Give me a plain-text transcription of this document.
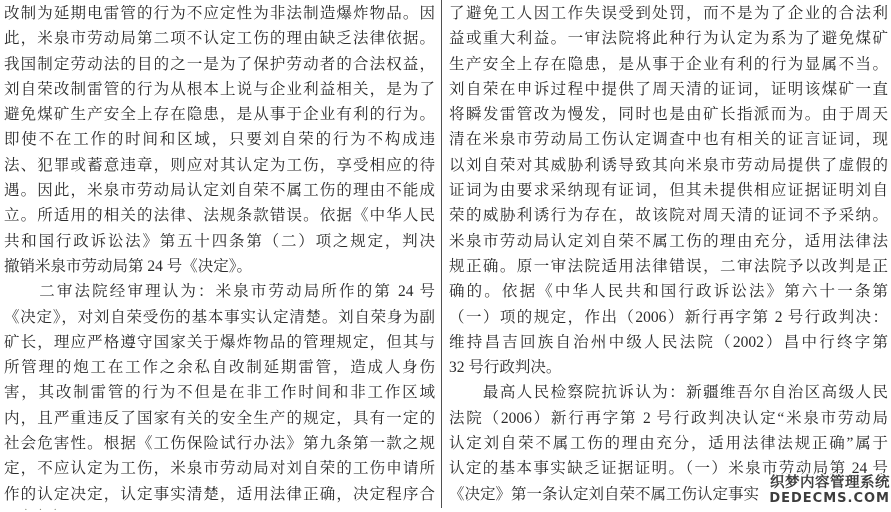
改制为延期电雷管的行为不应定性为非法制造爆炸物品。因
此，米泉市劳动局第二项不认定工伤的理由缺乏法律依据。
我国制定劳动法的目的之一是为了保护劳动者的合法权益，
刘自荣改制雷管的行为从根本上说与企业利益相关，是为了
避免煤矿生产安全上存在隐患，是从事于企业有利的行为。
即使不在工作的时间和区域，只要刘自荣的行为不构成违
法、犯罪或蓄意违章，则应对其认定为工伤，享受相应的待
遇。因此，米泉市劳动局认定刘自荣不属工伤的理由不能成
立。所适用的相关的法律、法规条款错误。依据《中华人民
共和国行政诉讼法》第五十四条第（二）项之规定，判决
撤销米泉市劳动局第 24 号《决定》。
　　二审法院经审理认为：米泉市劳动局所作的第 24 号
《决定》，对刘自荣受伤的基本事实认定清楚。刘自荣身为副
矿长，理应严格遵守国家关于爆炸物品的管理规定，但其与
所管理的炮工在工作之余私自改制延期雷管，造成人身伤
害，其改制雷管的行为不但是在非工作时间和非工作区域
内，且严重违反了国家有关的安全生产的规定，具有一定的
社会危害性。根据《工伤保险试行办法》第九条第一款之规
定，不应认定为工伤，米泉市劳动局对刘自荣的工伤申请所
作的认定决定，认定事实清楚，适用法律正确，决定程序合
了避免工人因工作失误受到处罚，而不是为了企业的合法利
益或重大利益。一审法院将此种行为认定为系为了避免煤矿
生产安全上存在隐患，是从事于企业有利的行为显属不当。
刘自荣在申诉过程中提供了周天清的证词，证明该煤矿一直
将瞬发雷管改为慢发，同时也是由矿长指派而为。由于周天
清在米泉市劳动局工伤认定调查中也有相关的证言证词，现
以刘自荣对其威胁利诱导致其向米泉市劳动局提供了虚假的
证词为由要求采纳现有证词，但其未提供相应证据证明刘自
荣的威胁利诱行为存在，故该院对周天清的证词不予采纳。
米泉市劳动局认定刘自荣不属工伤的理由充分，适用法律法
规正确。原一审法院适用法律错误，二审法院予以改判是正
确的。依据《中华人民共和国行政诉讼法》第六十一条第
（一）项的规定，作出（2006）新行再字第 2 号行政判决：
维持昌吉回族自治州中级人民法院（2002）昌中行终字第
32 号行政判决。
　　最高人民检察院抗诉认为：新疆维吾尔自治区高级人民
法院（2006）新行再字第 2 号行政判决认定“米泉市劳动局
认定刘自荣不属工伤的理由充分，适用法律法规正确”属于
认定的基本事实缺乏证据证明。（一）米泉市劳动局第 24 号
《决定》第一条认定刘自荣不属工伤认定事实
织梦内容管理系统
DEDECMS.COM
···
